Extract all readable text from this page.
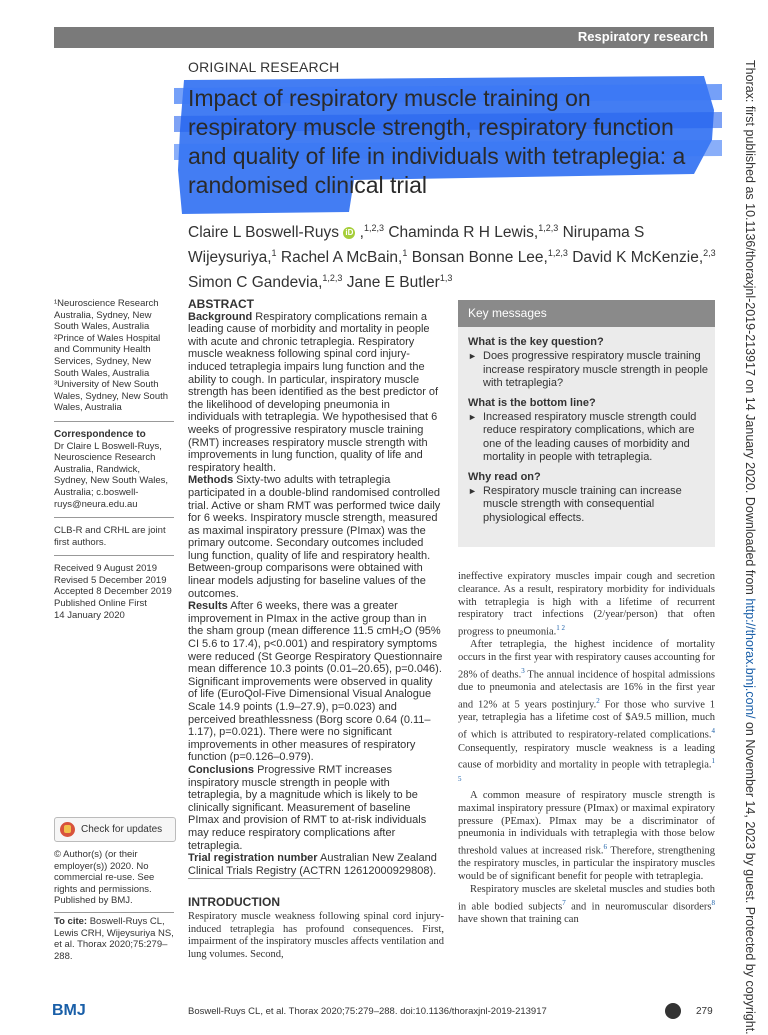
Respiratory research
ORIGINAL RESEARCH
Impact of respiratory muscle training on respiratory muscle strength, respiratory function and quality of life in individuals with tetraplegia: a randomised clinical trial
Claire L Boswell-Ruys iD ,$^{1,2,3}$ Chaminda R H Lewis,$^{1,2,3}$ Nirupama S Wijeysuriya,$^1$ Rachel A McBain,$^1$ Bonsan Bonne Lee,$^{1,2,3}$ David K McKenzie,$^{2,3}$ Simon C Gandevia,$^{1,2,3}$ Jane E Butler$^{1,3}$

¹Neuroscience Research Australia, Sydney, New South Wales, Australia

²Prince of Wales Hospital and Community Health Services, Sydney, New South Wales, Australia

³University of New South Wales, Sydney, New South Wales, Australia

Correspondence to

Dr Claire L Boswell-Ruys, Neuroscience Research Australia, Randwick, Sydney, New South Wales, Australia; c.boswell-ruys@neura.edu.au

CLB-R and CRHL are joint first authors.

Received 9 August 2019

Revised 5 December 2019

Accepted 8 December 2019

Published Online First

14 January 2020

Check for updates
© Author(s) (or their employer(s)) 2020. No commercial re-use. See rights and permissions. Published by BMJ.
To cite: Boswell-Ruys CL, Lewis CRH, Wijeysuriya NS, et al. Thorax 2020;75:279–288.

ABSTRACT

Background Respiratory complications remain a leading cause of morbidity and mortality in people with acute and chronic tetraplegia. Respiratory muscle weakness following spinal cord injury-induced tetraplegia impairs lung function and the ability to cough. In particular, inspiratory muscle strength has been identified as the best predictor of the likelihood of developing pneumonia in individuals with tetraplegia. We hypothesised that 6 weeks of progressive respiratory muscle training (RMT) increases respiratory muscle strength with improvements in lung function, quality of life and respiratory health.

Methods Sixty-two adults with tetraplegia participated in a double-blind randomised controlled trial. Active or sham RMT was performed twice daily for 6 weeks. Inspiratory muscle strength, measured as maximal inspiratory pressure (PImax) was the primary outcome. Secondary outcomes included lung function, quality of life and respiratory health. Between-group comparisons were obtained with linear models adjusting for baseline values of the outcomes.

Results After 6 weeks, there was a greater improvement in PImax in the active group than in the sham group (mean difference 11.5 cmH₂O (95% CI 5.6 to 17.4), p<0.001) and respiratory symptoms were reduced (St George Respiratory Questionnaire mean difference 10.3 points (0.01–20.65), p=0.046). Significant improvements were observed in quality of life (EuroQol-Five Dimensional Visual Analogue Scale 14.9 points (1.9–27.9), p=0.023) and perceived breathlessness (Borg score 0.64 (0.11–1.17), p=0.021). There were no significant improvements in other measures of respiratory function (p=0.126–0.979).

Conclusions Progressive RMT increases inspiratory muscle strength in people with tetraplegia, by a magnitude which is likely to be clinically significant. Measurement of baseline PImax and provision of RMT to at-risk individuals may reduce respiratory complications after tetraplegia.

Trial registration number Australian New Zealand Clinical Trials Registry (ACTRN 12612000929808).

INTRODUCTION

Respiratory muscle weakness following spinal cord injury-induced tetraplegia has profound consequences. First, impairment of the inspiratory muscles affects ventilation and lung volumes. Second,

Key messages
What is the key question?
► Does progressive respiratory muscle training increase respiratory muscle strength in people with tetraplegia?
What is the bottom line?
► Increased respiratory muscle strength could reduce respiratory complications, which are one of the leading causes of morbidity and mortality in people with tetraplegia.
Why read on?
► Respiratory muscle training can increase muscle strength with consequential physiological effects.

ineffective expiratory muscles impair cough and secretion clearance. As a result, respiratory morbidity for individuals with tetraplegia is high with a lifetime of recurrent respiratory tract infections (2/year/person) that often progress to pneumonia.$^{1 2}$

After tetraplegia, the highest incidence of mortality occurs in the first year with respiratory causes accounting for 28% of deaths.$^3$ The annual incidence of hospital admissions due to pneumonia and atelectasis are 16% in the first year and 12% at 5 years postinjury.$^2$ For those who survive 1 year, tetraplegia has a lifetime cost of $A9.5 million, much of which is attributed to respiratory-related complications.$^4$ Consequently, respiratory muscle weakness is a leading cause of morbidity and mortality in people with tetraplegia.$^{1 5}$

A common measure of respiratory muscle strength is maximal inspiratory pressure (PImax) or maximal expiratory pressure (PEmax). PImax may be a discriminator of pneumonia in individuals with tetraplegia with those below threshold values at increased risk.$^6$ Therefore, strengthening the respiratory muscles, in particular the inspiratory muscles would be of significant benefit for people with tetraplegia.

Respiratory muscles are skeletal muscles and studies both in able bodied subjects$^7$ and in neuromuscular disorders$^8$ have shown that training can

Thorax: first published as 10.1136/thoraxjnl-2019-213917 on 14 January 2020. Downloaded from http://thorax.bmj.com/ on November 14, 2023 by guest. Protected by copyright.
BMJ	Boswell-Ruys CL, et al. Thorax 2020;75:279–288. doi:10.1136/thoraxjnl-2019-213917	279
